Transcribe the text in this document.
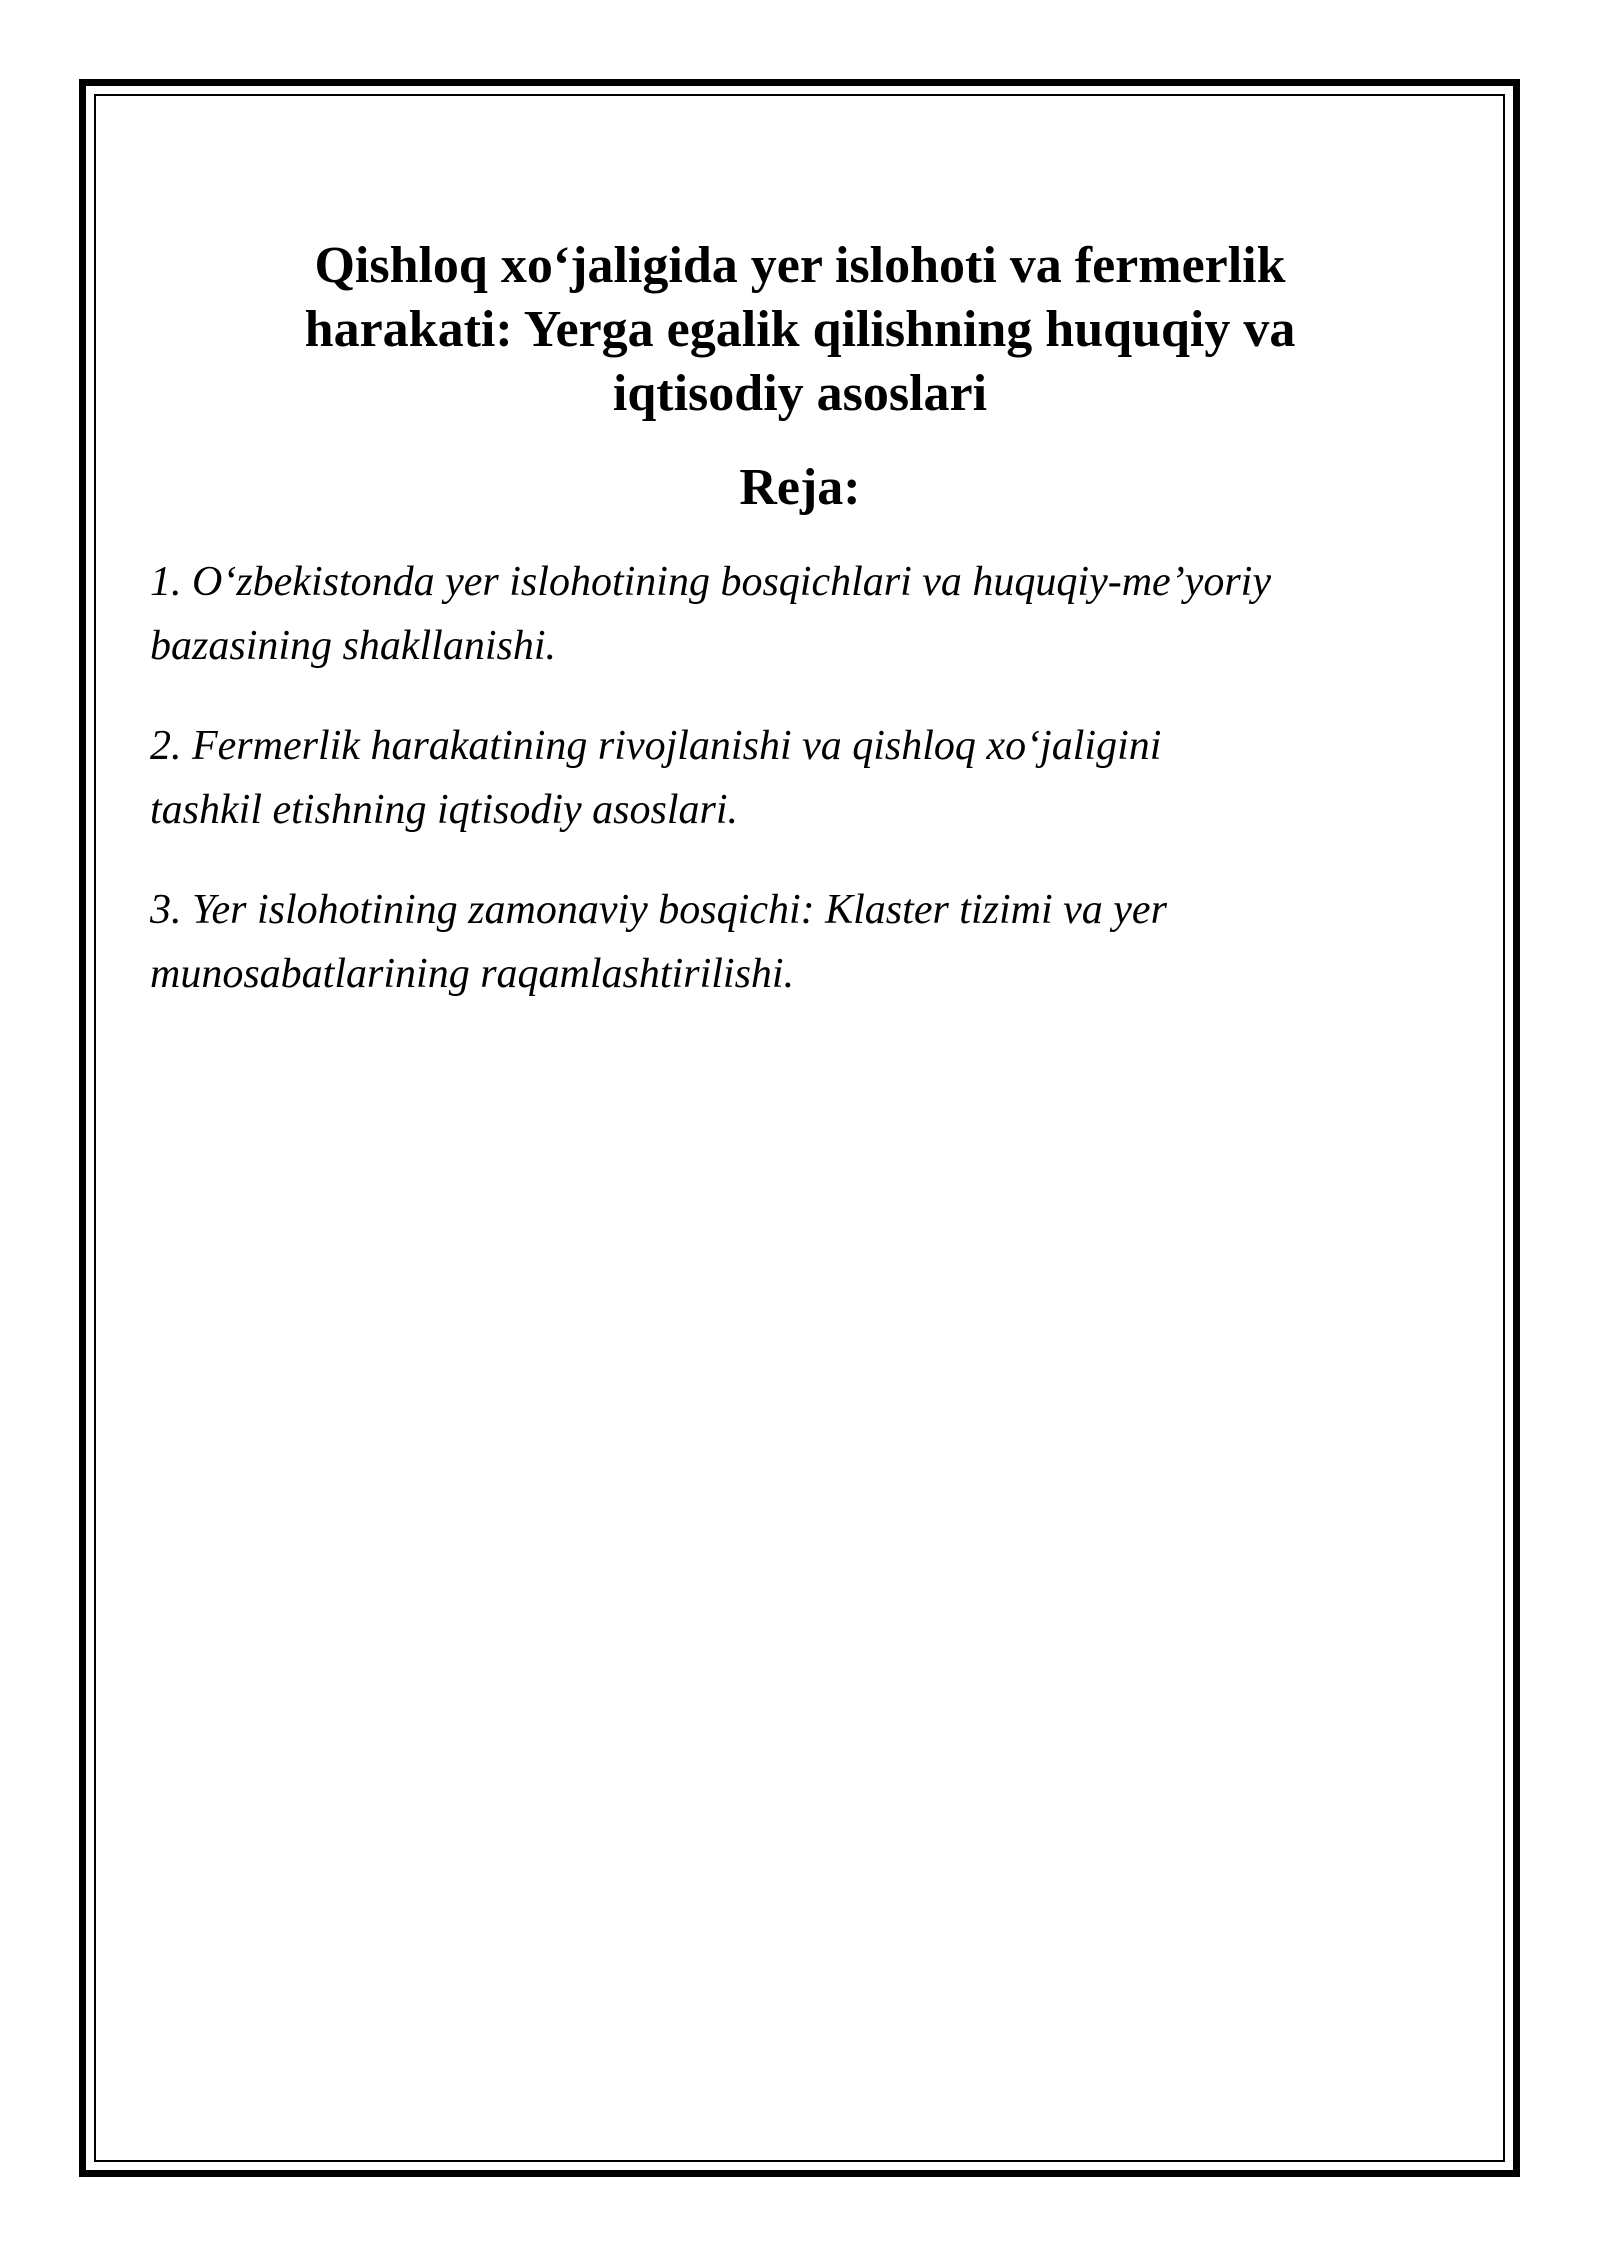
Qishloq xo‘jaligida yer islohoti va fermerlik
harakati: Yerga egalik qilishning huquqiy va
iqtisodiy asoslari
Reja:
1. O‘zbekistonda yer islohotining bosqichlari va huquqiy-me’yoriy
bazasining shakllanishi.
2. Fermerlik harakatining rivojlanishi va qishloq xo‘jaligini
tashkil etishning iqtisodiy asoslari.
3. Yer islohotining zamonaviy bosqichi: Klaster tizimi va yer
munosabatlarining raqamlashtirilishi.
